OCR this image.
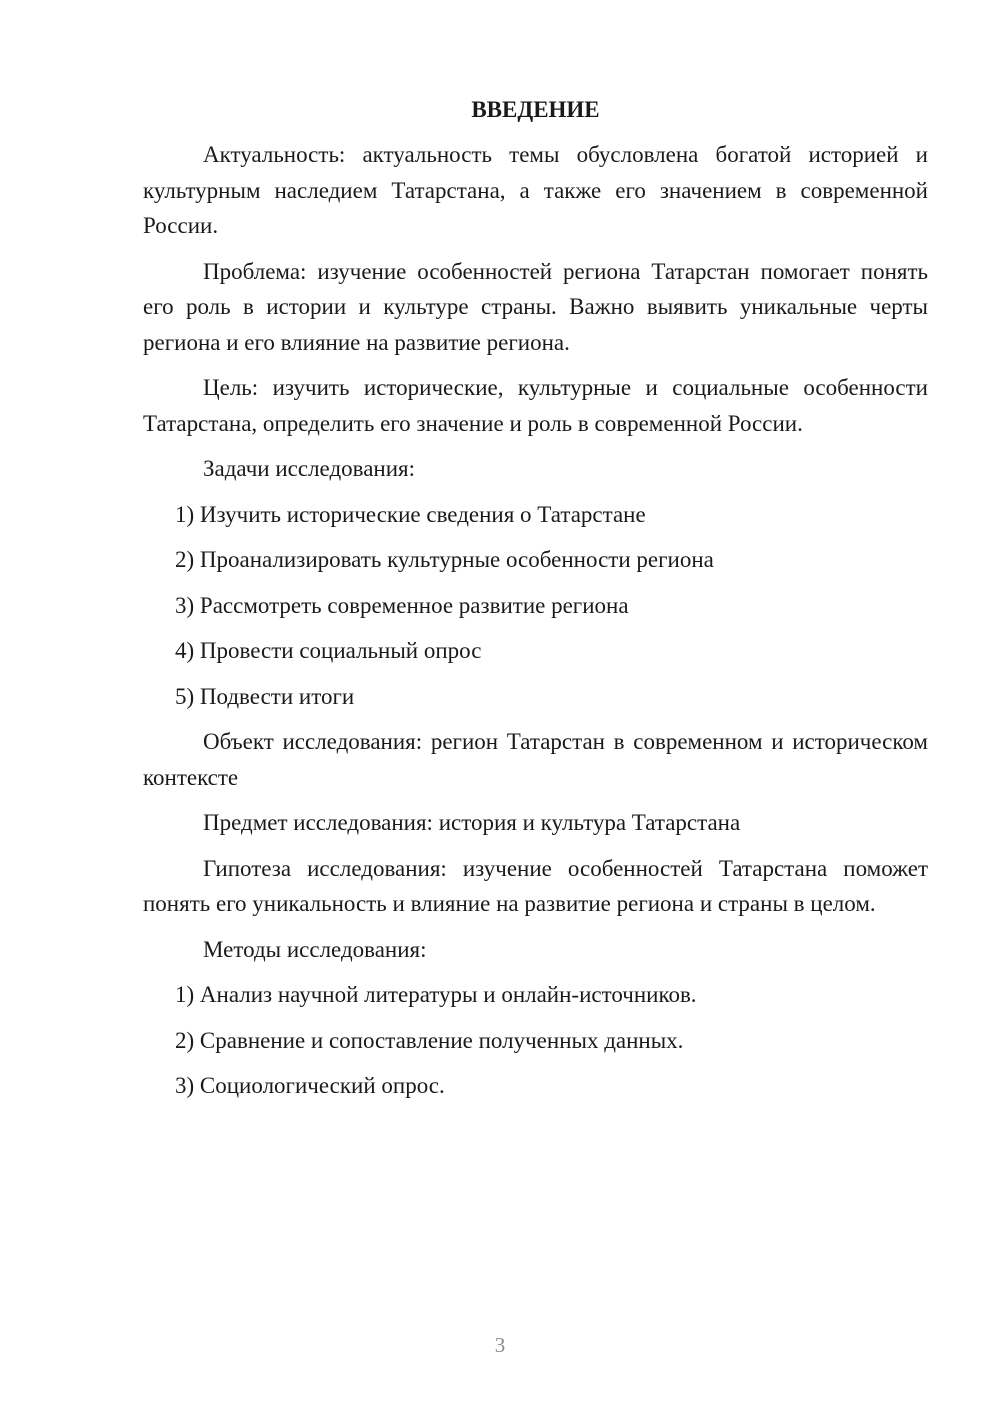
ВВЕДЕНИЕ
Актуальность: актуальность темы обусловлена богатой историей и культурным наследием Татарстана, а также его значением в современной России.
Проблема: изучение особенностей региона Татарстан помогает понять его роль в истории и культуре страны. Важно выявить уникальные черты региона и его влияние на развитие региона.
Цель: изучить исторические, культурные и социальные особенности Татарстана, определить его значение и роль в современной России.
Задачи исследования:
1) Изучить исторические сведения о Татарстане
2) Проанализировать культурные особенности региона
3) Рассмотреть современное развитие региона
4) Провести социальный опрос
5) Подвести итоги
Объект исследования: регион Татарстан в современном и историческом контексте
Предмет исследования: история и культура Татарстана
Гипотеза исследования: изучение особенностей Татарстана поможет понять его уникальность и влияние на развитие региона и страны в целом.
Методы исследования:
1) Анализ научной литературы и онлайн-источников.
2) Сравнение и сопоставление полученных данных.
3) Социологический опрос.
3
